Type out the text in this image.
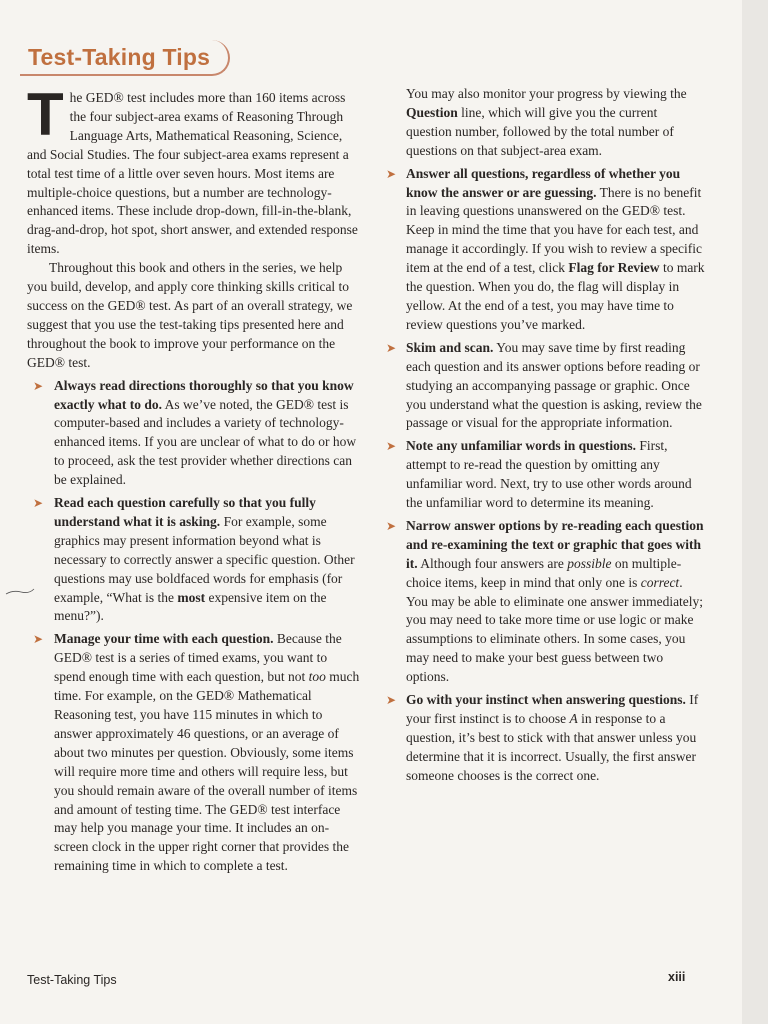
Test-Taking Tips

The GED® test includes more than 160 items across the four subject-area exams of Reasoning Through Language Arts, Mathematical Reasoning, Science, and Social Studies. The four subject-area exams represent a total test time of a little over seven hours. Most items are multiple-choice questions, but a number are technology-enhanced items. These include drop-down, fill-in-the-blank, drag-and-drop, hot spot, short answer, and extended response items.

Throughout this book and others in the series, we help you build, develop, and apply core thinking skills critical to success on the GED® test. As part of an overall strategy, we suggest that you use the test-taking tips presented here and throughout the book to improve your performance on the GED® test.

➤ Always read directions thoroughly so that you know exactly what to do. As we’ve noted, the GED® test is computer-based and includes a variety of technology-enhanced items. If you are unclear of what to do or how to proceed, ask the test provider whether directions can be explained.

➤ Read each question carefully so that you fully understand what it is asking. For example, some graphics may present information beyond what is necessary to correctly answer a specific question. Other questions may use boldfaced words for emphasis (for example, “What is the most expensive item on the menu?”).

➤ Manage your time with each question. Because the GED® test is a series of timed exams, you want to spend enough time with each question, but not too much time. For example, on the GED® Mathematical Reasoning test, you have 115 minutes in which to answer approximately 46 questions, or an average of about two minutes per question. Obviously, some items will require more time and others will require less, but you should remain aware of the overall number of items and amount of testing time. The GED® test interface may help you manage your time. It includes an on-screen clock in the upper right corner that provides the remaining time in which to complete a test.

You may also monitor your progress by viewing the Question line, which will give you the current question number, followed by the total number of questions on that subject-area exam.

➤ Answer all questions, regardless of whether you know the answer or are guessing. There is no benefit in leaving questions unanswered on the GED® test. Keep in mind the time that you have for each test, and manage it accordingly. If you wish to review a specific item at the end of a test, click Flag for Review to mark the question. When you do, the flag will display in yellow. At the end of a test, you may have time to review questions you’ve marked.

➤ Skim and scan. You may save time by first reading each question and its answer options before reading or studying an accompanying passage or graphic. Once you understand what the question is asking, review the passage or visual for the appropriate information.

➤ Note any unfamiliar words in questions. First, attempt to re-read the question by omitting any unfamiliar word. Next, try to use other words around the unfamiliar word to determine its meaning.

➤ Narrow answer options by re-reading each question and re-examining the text or graphic that goes with it. Although four answers are possible on multiple-choice items, keep in mind that only one is correct. You may be able to eliminate one answer immediately; you may need to take more time or use logic or make assumptions to eliminate others. In some cases, you may need to make your best guess between two options.

➤ Go with your instinct when answering questions. If your first instinct is to choose A in response to a question, it’s best to stick with that answer unless you determine that it is incorrect. Usually, the first answer someone chooses is the correct one.

Test-Taking Tips	xiii
